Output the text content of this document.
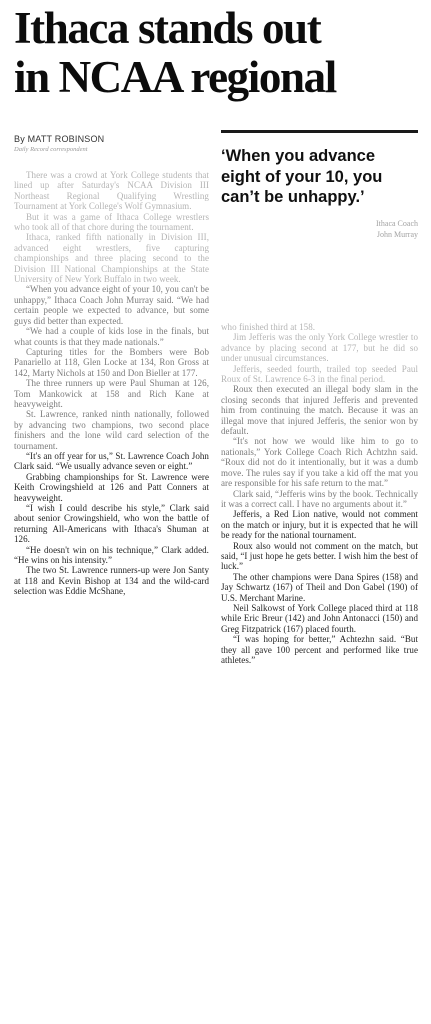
Ithaca stands out
in NCAA regional
By MATT ROBINSON
Daily Record correspondent	‘When you advance eight of your 10, you can’t be unhappy.’
Ithaca Coach
John Murray

There was a crowd at York College students that lined up after Saturday's NCAA Division III Northeast Regional Qualifying Wrestling Tournament at York College's Wolf Gymnasium.

But it was a game of Ithaca College wrestlers who took all of that chore during the tournament.

Ithaca, ranked fifth nationally in Division III, advanced eight wrestlers, five capturing championships and three placing second to the Division III National Championships at the State University of New York Buffalo in two week.

“When you advance eight of your 10, you can't be unhappy,” Ithaca Coach John Murray said. “We had certain people we expected to advance, but some guys did better than expected.

“We had a couple of kids lose in the finals, but what counts is that they made nationals.”

Capturing titles for the Bombers were Bob Panariello at 118, Glen Locke at 134, Ron Gross at 142, Marty Nichols at 150 and Don Bieller at 177.

The three runners up were Paul Shuman at 126, Tom Mankowick at 158 and Rich Kane at heavyweight.

St. Lawrence, ranked ninth nationally, followed by advancing two champions, two second place finishers and the lone wild card selection of the tournament.

“It's an off year for us,” St. Lawrence Coach John Clark said. “We usually advance seven or eight.”

Grabbing championships for St. Lawrence were Keith Crowingshield at 126 and Patt Conners at heavyweight.

“I wish I could describe his style,” Clark said about senior Crowingshield, who won the battle of returning All-Americans with Ithaca's Shuman at 126.

“He doesn't win on his technique,” Clark added. “He wins on his intensity.”

The two St. Lawrence runners-up were Jon Santy at 118 and Kevin Bishop at 134 and the wild-card selection was Eddie McShane,

who finished third at 158.

Jim Jefferis was the only York College wrestler to advance by placing second at 177, but he did so under unusual circumstances.

Jefferis, seeded fourth, trailed top seeded Paul Roux of St. Lawrence 6-3 in the final period.

Roux then executed an illegal body slam in the closing seconds that injured Jefferis and prevented him from continuing the match. Because it was an illegal move that injured Jefferis, the senior won by default.

“It's not how we would like him to go to nationals,” York College Coach Rich Achtzhn said. “Roux did not do it intentionally, but it was a dumb move. The rules say if you take a kid off the mat you are responsible for his safe return to the mat.”

Clark said, “Jefferis wins by the book. Technically it was a correct call. I have no arguments about it.”

Jefferis, a Red Lion native, would not comment on the match or injury, but it is expected that he will be ready for the national tournament.

Roux also would not comment on the match, but said, “I just hope he gets better. I wish him the best of luck.”

The other champions were Dana Spires (158) and Jay Schwartz (167) of Theil and Don Gabel (190) of U.S. Merchant Marine.

Neil Salkowst of York College placed third at 118 while Eric Breur (142) and John Antonacci (150) and Greg Fitzpatrick (167) placed fourth.

“I was hoping for better,” Achtezhn said. “But they all gave 100 percent and performed like true athletes.”
